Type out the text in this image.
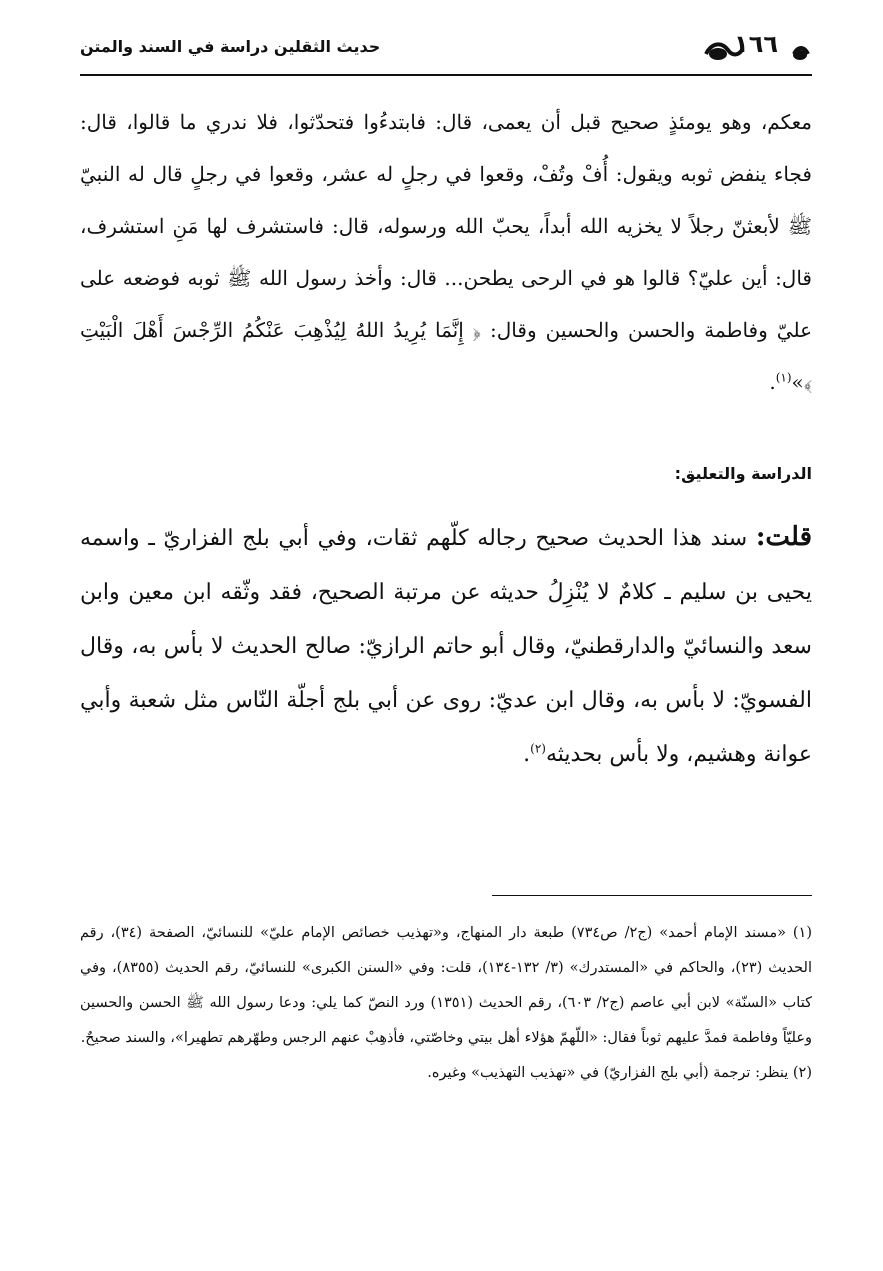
١٦٦
حديث الثقلين دراسة في السند والمتن

معكم، وهو يومئذٍ صحيح قبل أن يعمى، قال: فابتدءُوا فتحدّثوا، فلا ندري ما قالوا، قال: فجاء ينفض ثوبه ويقول: أُفْ وتُفْ، وقعوا في رجلٍ له عشر، وقعوا في رجلٍ قال له النبيّ ﷺ لأبعثنّ رجلاً لا يخزيه الله أبداً، يحبّ الله ورسوله، قال: فاستشرف لها مَنِ استشرف، قال: أين عليّ؟ قالوا هو في الرحى يطحن... قال: وأخذ رسول الله ﷺ ثوبه فوضعه على عليّ وفاطمة والحسن والحسين وقال: ﴿ إِنَّمَا يُرِيدُ اللهُ لِيُذْهِبَ عَنْكُمُ الرِّجْسَ أَهْلَ الْبَيْتِ ﴾»$^{(١)}$.

الدراسة والتعليق:

قلت: سند هذا الحديث صحيح رجاله كلّهم ثقات، وفي أبي بلج الفزاريّ ـ واسمه يحيى بن سليم ـ كلامٌ لا يُنْزِلُ حديثه عن مرتبة الصحيح، فقد وثّقه ابن معين وابن سعد والنسائيّ والدارقطنيّ، وقال أبو حاتم الرازيّ: صالح الحديث لا بأس به، وقال الفسويّ: لا بأس به، وقال ابن عديّ: روى عن أبي بلج أجلّة النّاس مثل شعبة وأبي عوانة وهشيم، ولا بأس بحديثه$^{(٢)}$.

(١) «مسند الإمام أحمد» (ج٢/ ص٧٣٤) طبعة دار المنهاج، و«تهذيب خصائص الإمام عليّ» للنسائيّ، الصفحة (٣٤)، رقم الحديث (٢٣)، والحاكم في «المستدرك» (٣/ ١٣٢-١٣٤)، قلت: وفي «السنن الكبرى» للنسائيّ، رقم الحديث (٨٣٥٥)، وفي كتاب «السنّة» لابن أبي عاصم (ج٢/ ٦٠٣)، رقم الحديث (١٣٥١) ورد النصّ كما يلي: ودعا رسول الله ﷺ الحسن والحسين وعليّاً وفاطمة فمدَّ عليهم ثوباً فقال: «اللّهمّ هؤلاء أهل بيتي وخاصّتي، فأذهِبْ عنهم الرجس وطهّرهم تطهيرا»، والسند صحيحٌ.

(٢) ينظر: ترجمة (أبي بلج الفزاريّ) في «تهذيب التهذيب» وغيره.
